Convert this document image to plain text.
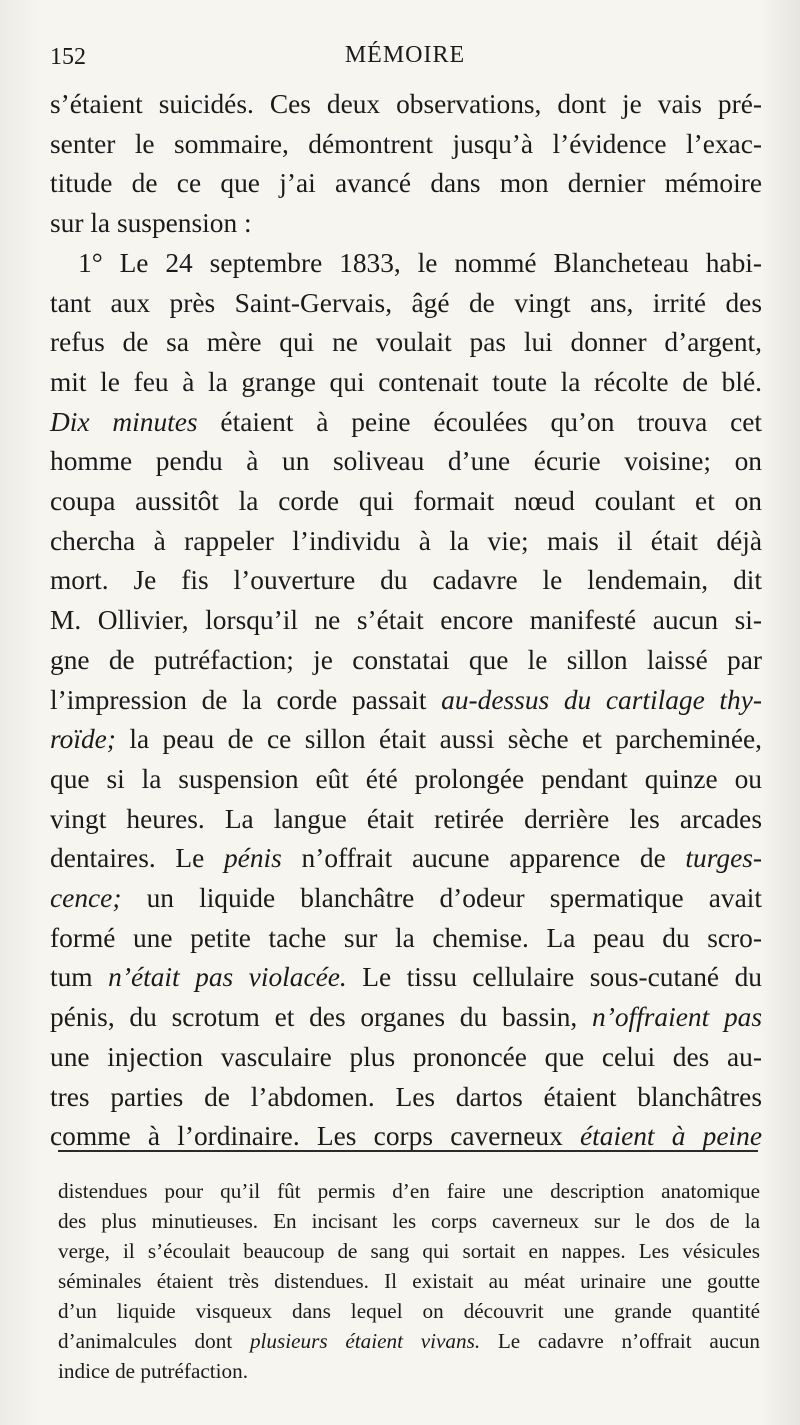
152	MÉMOIRE
s’étaient suicidés. Ces deux observations, dont je vais pré-
senter le sommaire, démontrent jusqu’à l’évidence l’exac-
titude de ce que j’ai avancé dans mon dernier mémoire
sur la suspension :
1° Le 24 septembre 1833, le nommé Blancheteau habi-
tant aux près Saint-Gervais, âgé de vingt ans, irrité des
refus de sa mère qui ne voulait pas lui donner d’argent,
mit le feu à la grange qui contenait toute la récolte de blé.
Dix minutes étaient à peine écoulées qu’on trouva cet
homme pendu à un soliveau d’une écurie voisine; on
coupa aussitôt la corde qui formait nœud coulant et on
chercha à rappeler l’individu à la vie; mais il était déjà
mort. Je fis l’ouverture du cadavre le lendemain, dit
M. Ollivier, lorsqu’il ne s’était encore manifesté aucun si-
gne de putréfaction; je constatai que le sillon laissé par
l’impression de la corde passait au-dessus du cartilage thy-
roïde; la peau de ce sillon était aussi sèche et parcheminée,
que si la suspension eût été prolongée pendant quinze ou
vingt heures. La langue était retirée derrière les arcades
dentaires. Le pénis n’offrait aucune apparence de turges-
cence; un liquide blanchâtre d’odeur spermatique avait
formé une petite tache sur la chemise. La peau du scro-
tum n’était pas violacée. Le tissu cellulaire sous-cutané du
pénis, du scrotum et des organes du bassin, n’offraient pas
une injection vasculaire plus prononcée que celui des au-
tres parties de l’abdomen. Les dartos étaient blanchâtres
comme à l’ordinaire. Les corps caverneux étaient à peine
distendues pour qu’il fût permis d’en faire une description anatomique
des plus minutieuses. En incisant les corps caverneux sur le dos de la
verge, il s’écoulait beaucoup de sang qui sortait en nappes. Les vésicules
séminales étaient très distendues. Il existait au méat urinaire une goutte
d’un liquide visqueux dans lequel on découvrit une grande quantité
d’animalcules dont plusieurs étaient vivans. Le cadavre n’offrait aucun
indice de putréfaction.
